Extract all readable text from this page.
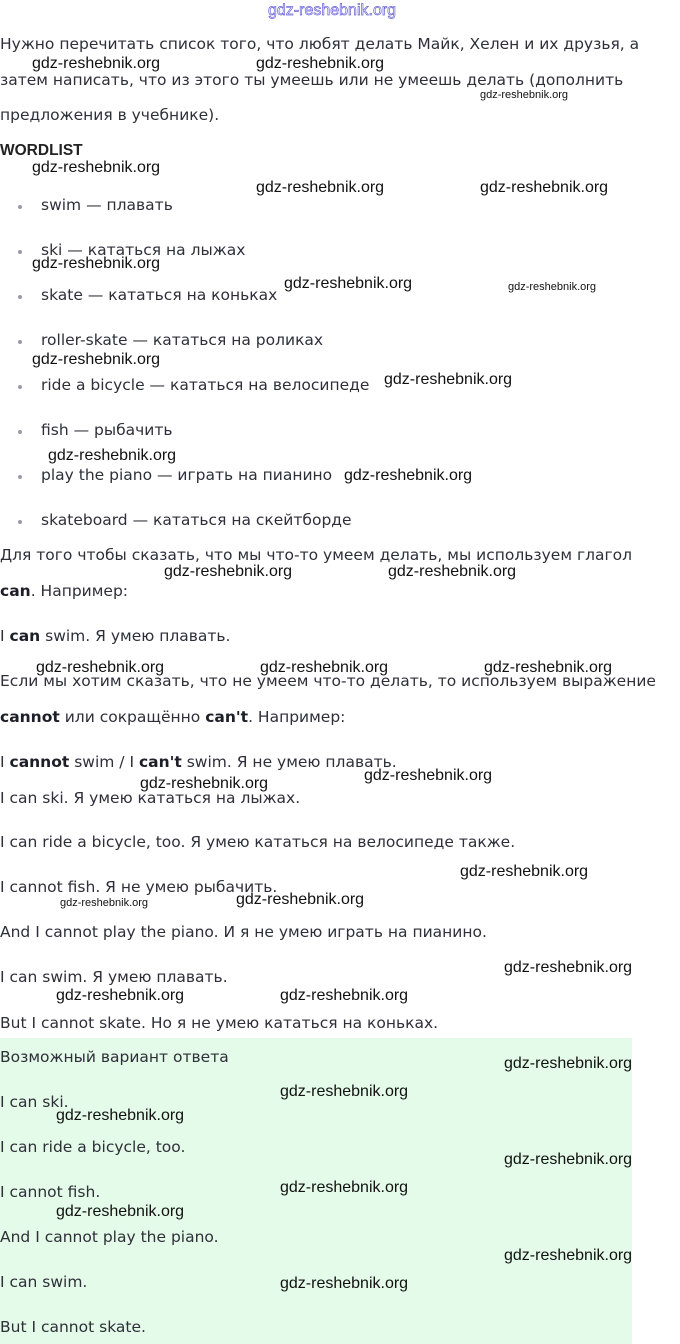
gdz-reshebnik.org
Нужно перечитать список того, что любят делать Майк, Хелен и их друзья, а
затем написать, что из этого ты умеешь или не умеешь делать (дополнить
предложения в учебнике).
WORDLIST
swim — плавать
ski — кататься на лыжах
skate — кататься на коньках
roller-skate — кататься на роликах
ride a bicycle — кататься на велосипеде
fish — рыбачить
play the piano — играть на пианино
skateboard — кататься на скейтборде
Для того чтобы сказать, что мы что-то умеем делать, мы используем глагол
can. Например:
I can swim. Я умею плавать.
Если мы хотим сказать, что не умеем что-то делать, то используем выражение
cannot или сокращённо can't. Например:
I cannot swim / I can't swim. Я не умею плавать.
I can ski. Я умею кататься на лыжах.
I can ride a bicycle, too. Я умею кататься на велосипеде также.
I cannot fish. Я не умею рыбачить.
And I cannot play the piano. И я не умею играть на пианино.
I can swim. Я умею плавать.
But I cannot skate. Но я не умею кататься на коньках.
Возможный вариант ответа
I can ski.
I can ride a bicycle, too.
I cannot fish.
And I cannot play the piano.
I can swim.
But I cannot skate.
gdz-reshebnik.org	gdz-reshebnik.org
gdz-reshebnik.org
gdz-reshebnik.org	gdz-reshebnik.org
gdz-reshebnik.org
gdz-reshebnik.org
gdz-reshebnik.org
gdz-reshebnik.org
gdz-reshebnik.org
gdz-reshebnik.org
gdz-reshebnik.org	gdz-reshebnik.org
gdz-reshebnik.org	gdz-reshebnik.org	gdz-reshebnik.org
gdz-reshebnik.org
gdz-reshebnik.org
gdz-reshebnik.org
gdz-reshebnik.org
gdz-reshebnik.org
gdz-reshebnik.org	gdz-reshebnik.org
gdz-reshebnik.org
gdz-reshebnik.org
gdz-reshebnik.org
gdz-reshebnik.org
gdz-reshebnik.org
gdz-reshebnik.org
gdz-reshebnik.org
gdz-reshebnik.org
gdz-reshebnik.org
gdz-reshebnik.org
gdz-reshebnik.org
